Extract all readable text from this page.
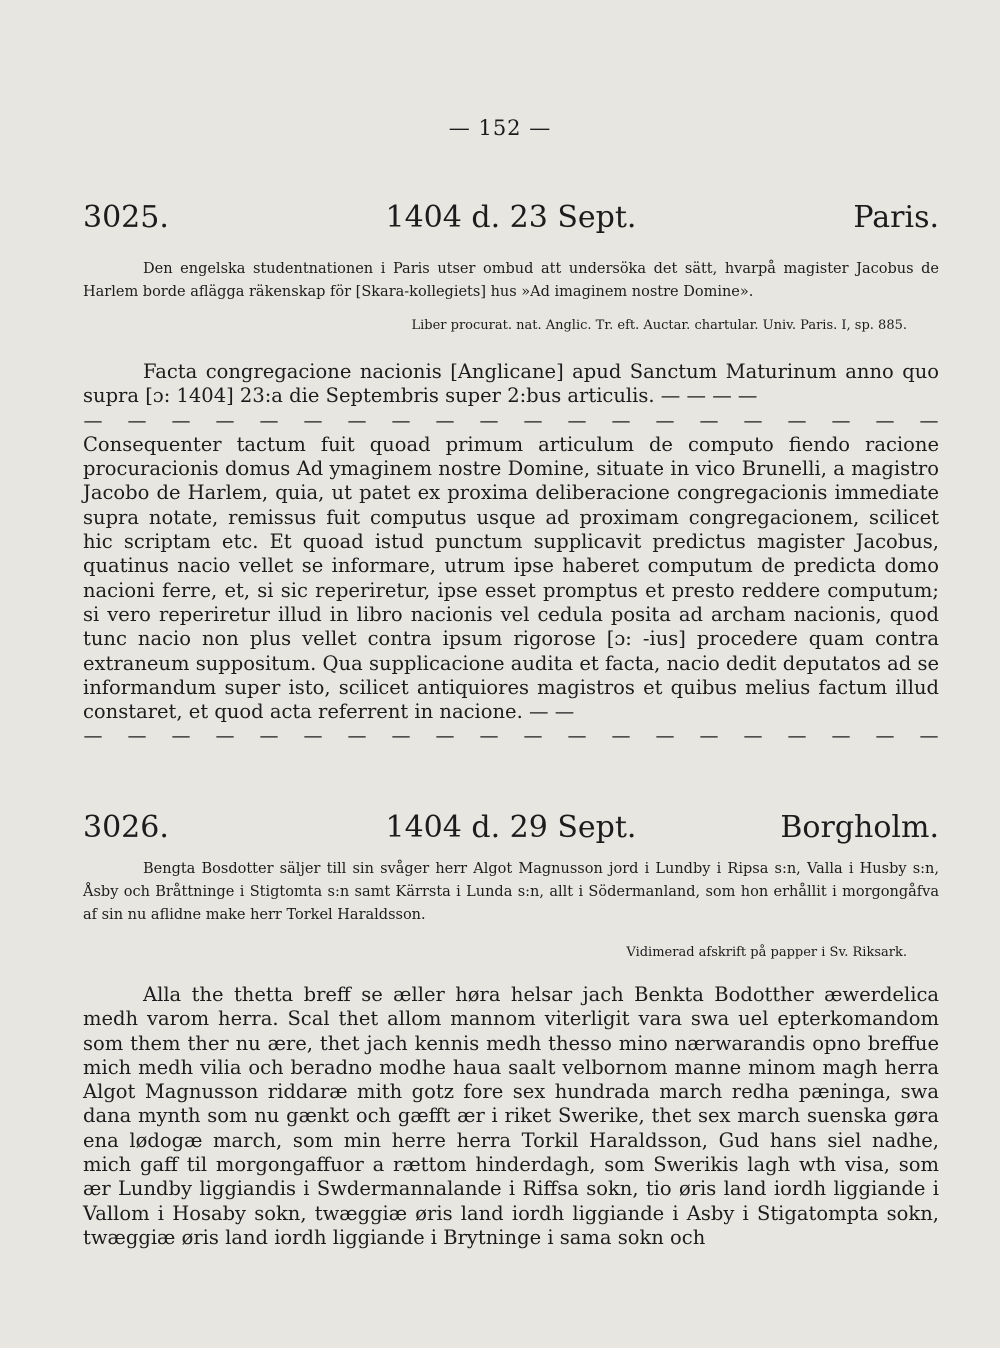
— 152 —
3025.	1404 d. 23 Sept.	Paris.

Den engelska studentnationen i Paris utser ombud att undersöka det sätt, hvarpå magister Jacobus de Harlem borde aflägga räkenskap för [Skara-kollegiets] hus »Ad imaginem nostre Domine».

Liber procurat. nat. Anglic. Tr. eft. Auctar. chartular. Univ. Paris. I, sp. 885.

Facta congregacione nacionis [Anglicane] apud Sanctum Maturinum anno quo supra [ɔ: 1404] 23:a die Septembris super 2:bus articulis. — — — —

— — — — — — — — — — — — — — — — — — — —

Consequenter tactum fuit quoad primum articulum de computo fiendo racione procuracionis domus Ad ymaginem nostre Domine, situate in vico Brunelli, a magistro Jacobo de Harlem, quia, ut patet ex proxima deliberacione congregacionis immediate supra notate, remissus fuit computus usque ad proximam congregacionem, scilicet hic scriptam etc. Et quoad istud punctum supplicavit predictus magister Jacobus, quatinus nacio vellet se informare, utrum ipse haberet computum de predicta domo nacioni ferre, et, si sic reperiretur, ipse esset promptus et presto reddere computum; si vero reperiretur illud in libro nacionis vel cedula posita ad archam nacionis, quod tunc nacio non plus vellet contra ipsum rigorose [ɔ: -ius] procedere quam contra extraneum suppositum. Qua supplicacione audita et facta, nacio dedit deputatos ad se informandum super isto, scilicet antiquiores magistros et quibus melius factum illud constaret, et quod acta referrent in nacione. — —

— — — — — — — — — — — — — — — — — — — —
3026.	1404 d. 29 Sept.	Borgholm.

Bengta Bosdotter säljer till sin svåger herr Algot Magnusson jord i Lundby i Ripsa s:n, Valla i Husby s:n, Åsby och Bråttninge i Stigtomta s:n samt Kärrsta i Lunda s:n, allt i Södermanland, som hon erhållit i morgongåfva af sin nu aflidne make herr Torkel Haraldsson.

Vidimerad afskrift på papper i Sv. Riksark.

Alla the thetta breff se æller høra helsar jach Benkta Bodotther æwerdelica medh varom herra. Scal thet allom mannom viterligit vara swa uel epterkomandom som them ther nu ære, thet jach kennis medh thesso mino nærwarandis opno breffue mich medh vilia och beradno modhe haua saalt velbornom manne minom magh herra Algot Magnusson riddaræ mith gotz fore sex hundrada march redha pæninga, swa dana mynth som nu gænkt och gæfft ær i riket Swerike, thet sex march suenska gøra ena lødogæ march, som min herre herra Torkil Haraldsson, Gud hans siel nadhe, mich gaff til morgongaffuor a rættom hinderdagh, som Swerikis lagh wth visa, som ær Lundby liggiandis i Swdermannalande i Riffsa sokn, tio øris land iordh liggiande i Vallom i Hosaby sokn, twæggiæ øris land iordh liggiande i Asby i Stigatompta sokn, twæggiæ øris land iordh liggiande i Brytninge i sama sokn och
